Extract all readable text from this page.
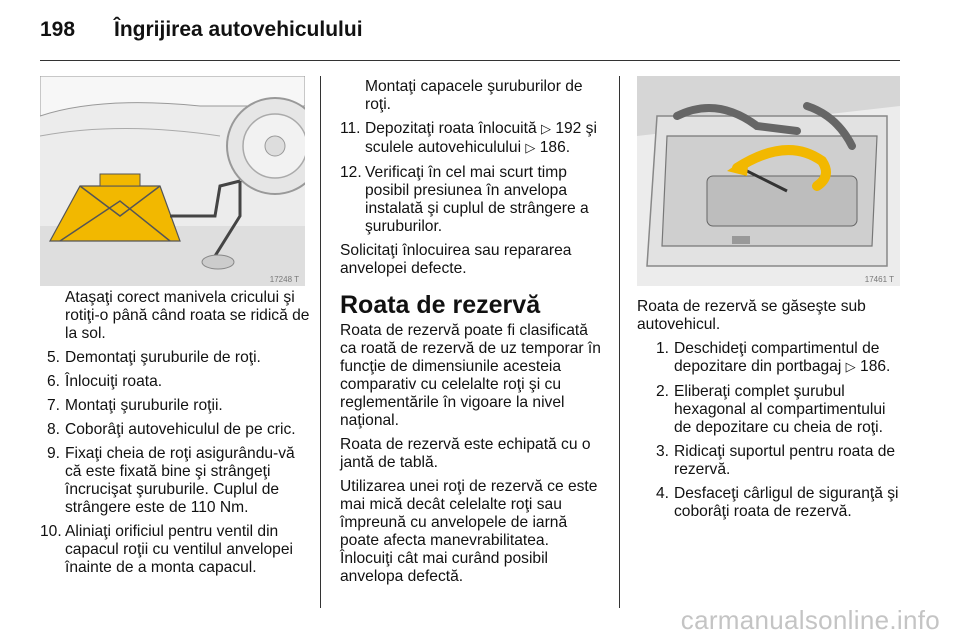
198 Îngrijirea autovehiculului
17248 T

Ataşaţi corect manivela cricului şi rotiţi-o până când roata se ridică de la sol.

5. Demontaţi şuruburile de roţi.
6. Înlocuiţi roata.
7. Montaţi şuruburile roţii.
8. Coborâţi autovehiculul de pe cric.
9. Fixaţi cheia de roţi asigurându-vă că este fixată bine şi strângeţi încrucişat şuruburile. Cuplul de strângere este de 110 Nm.
10. Aliniaţi orificiul pentru ventil din capacul roţii cu ventilul anvelopei înainte de a monta capacul.

Montaţi capacele şuruburilor de roţi.

11. Depozitaţi roata înlocuită ▷ 192 şi sculele autovehiculului ▷ 186.
12. Verificaţi în cel mai scurt timp posibil presiunea în anvelopa instalată şi cuplul de strângere a şuruburilor.

Solicitaţi înlocuirea sau repararea anvelopei defecte.

Roata de rezervă

Roata de rezervă poate fi clasificată ca roată de rezervă de uz temporar în funcţie de dimensiunile acesteia comparativ cu celelalte roţi şi cu reglementările în vigoare la nivel naţional.

Roata de rezervă este echipată cu o jantă de tablă.

Utilizarea unei roţi de rezervă ce este mai mică decât celelalte roţi sau împreună cu anvelopele de iarnă poate afecta manevrabilitatea. Înlocuiţi cât mai curând posibil anvelopa defectă.

17461 T

Roata de rezervă se găseşte sub autovehicul.

1. Deschideţi compartimentul de depozitare din portbagaj ▷ 186.
2. Eliberaţi complet şurubul hexagonal al compartimentului de depozitare cu cheia de roţi.
3. Ridicaţi suportul pentru roata de rezervă.
4. Desfaceţi cârligul de siguranţă şi coborâţi roata de rezervă.
carmanualsonline.info
